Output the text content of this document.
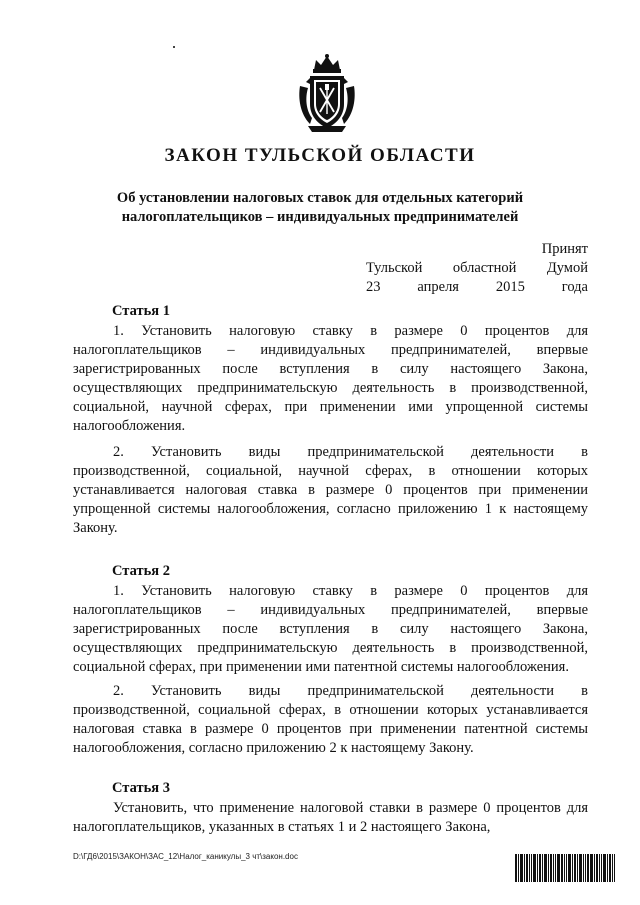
ЗАКОН ТУЛЬСКОЙ ОБЛАСТИ
Об установлении налоговых ставок для отдельных категорий
налогоплательщиков – индивидуальных предпринимателей
Принят
Тульской областной Думой
23	апреля	2015	года
Статья 1
1. Установить налоговую ставку в размере 0 процентов для налогоплательщиков – индивидуальных предпринимателей, впервые зарегистрированных после вступления в силу настоящего Закона, осуществляющих предпринимательскую деятельность в производственной, социальной, научной сферах, при применении ими упрощенной системы налогообложения.
2. Установить виды предпринимательской деятельности в производственной, социальной, научной сферах, в отношении которых устанавливается налоговая ставка в размере 0 процентов при применении упрощенной системы налогообложения, согласно приложению 1 к настоящему Закону.
Статья 2
1. Установить налоговую ставку в размере 0 процентов для налогоплательщиков – индивидуальных предпринимателей, впервые зарегистрированных после вступления в силу настоящего Закона, осуществляющих предпринимательскую деятельность в производственной, социальной сферах, при применении ими патентной системы налогообложения.
2. Установить виды предпринимательской деятельности в производственной, социальной сферах, в отношении которых устанавливается налоговая ставка в размере 0 процентов при применении патентной системы налогообложения, согласно приложению 2 к настоящему Закону.
Статья 3
Установить, что применение налоговой ставки в размере 0 процентов для налогоплательщиков, указанных в статьях 1 и 2 настоящего Закона,
D:\ГД6\2015\ЗАКОН\ЗАС_12\Налог_каникулы_3 чт\закон.doc
